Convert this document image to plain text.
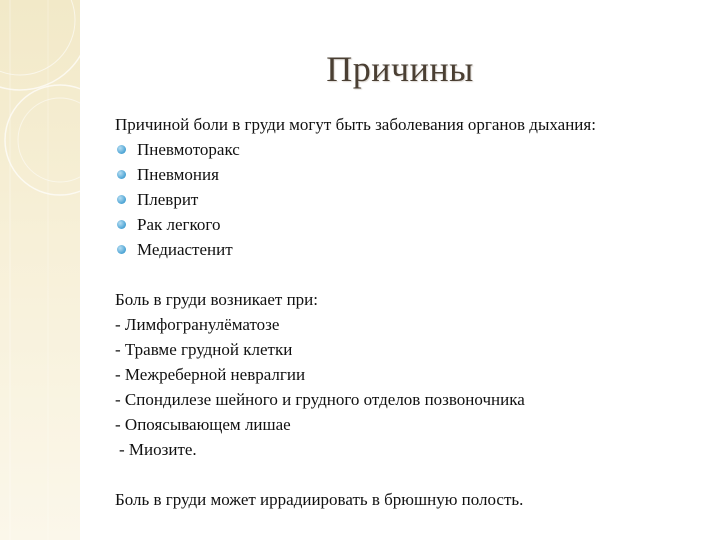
Причины
Причиной боли в груди могут быть заболевания органов дыхания:
Пневмоторакс
Пневмония
Плеврит
Рак легкого
Медиастенит
Боль в груди возникает при:
- Лимфогранулёматозе
- Травме грудной клетки
- Межреберной невралгии
- Спондилезе шейного и грудного отделов позвоночника
- Опоясывающем лишае
- Миозите.
Боль в груди может иррадиировать в брюшную полость.
